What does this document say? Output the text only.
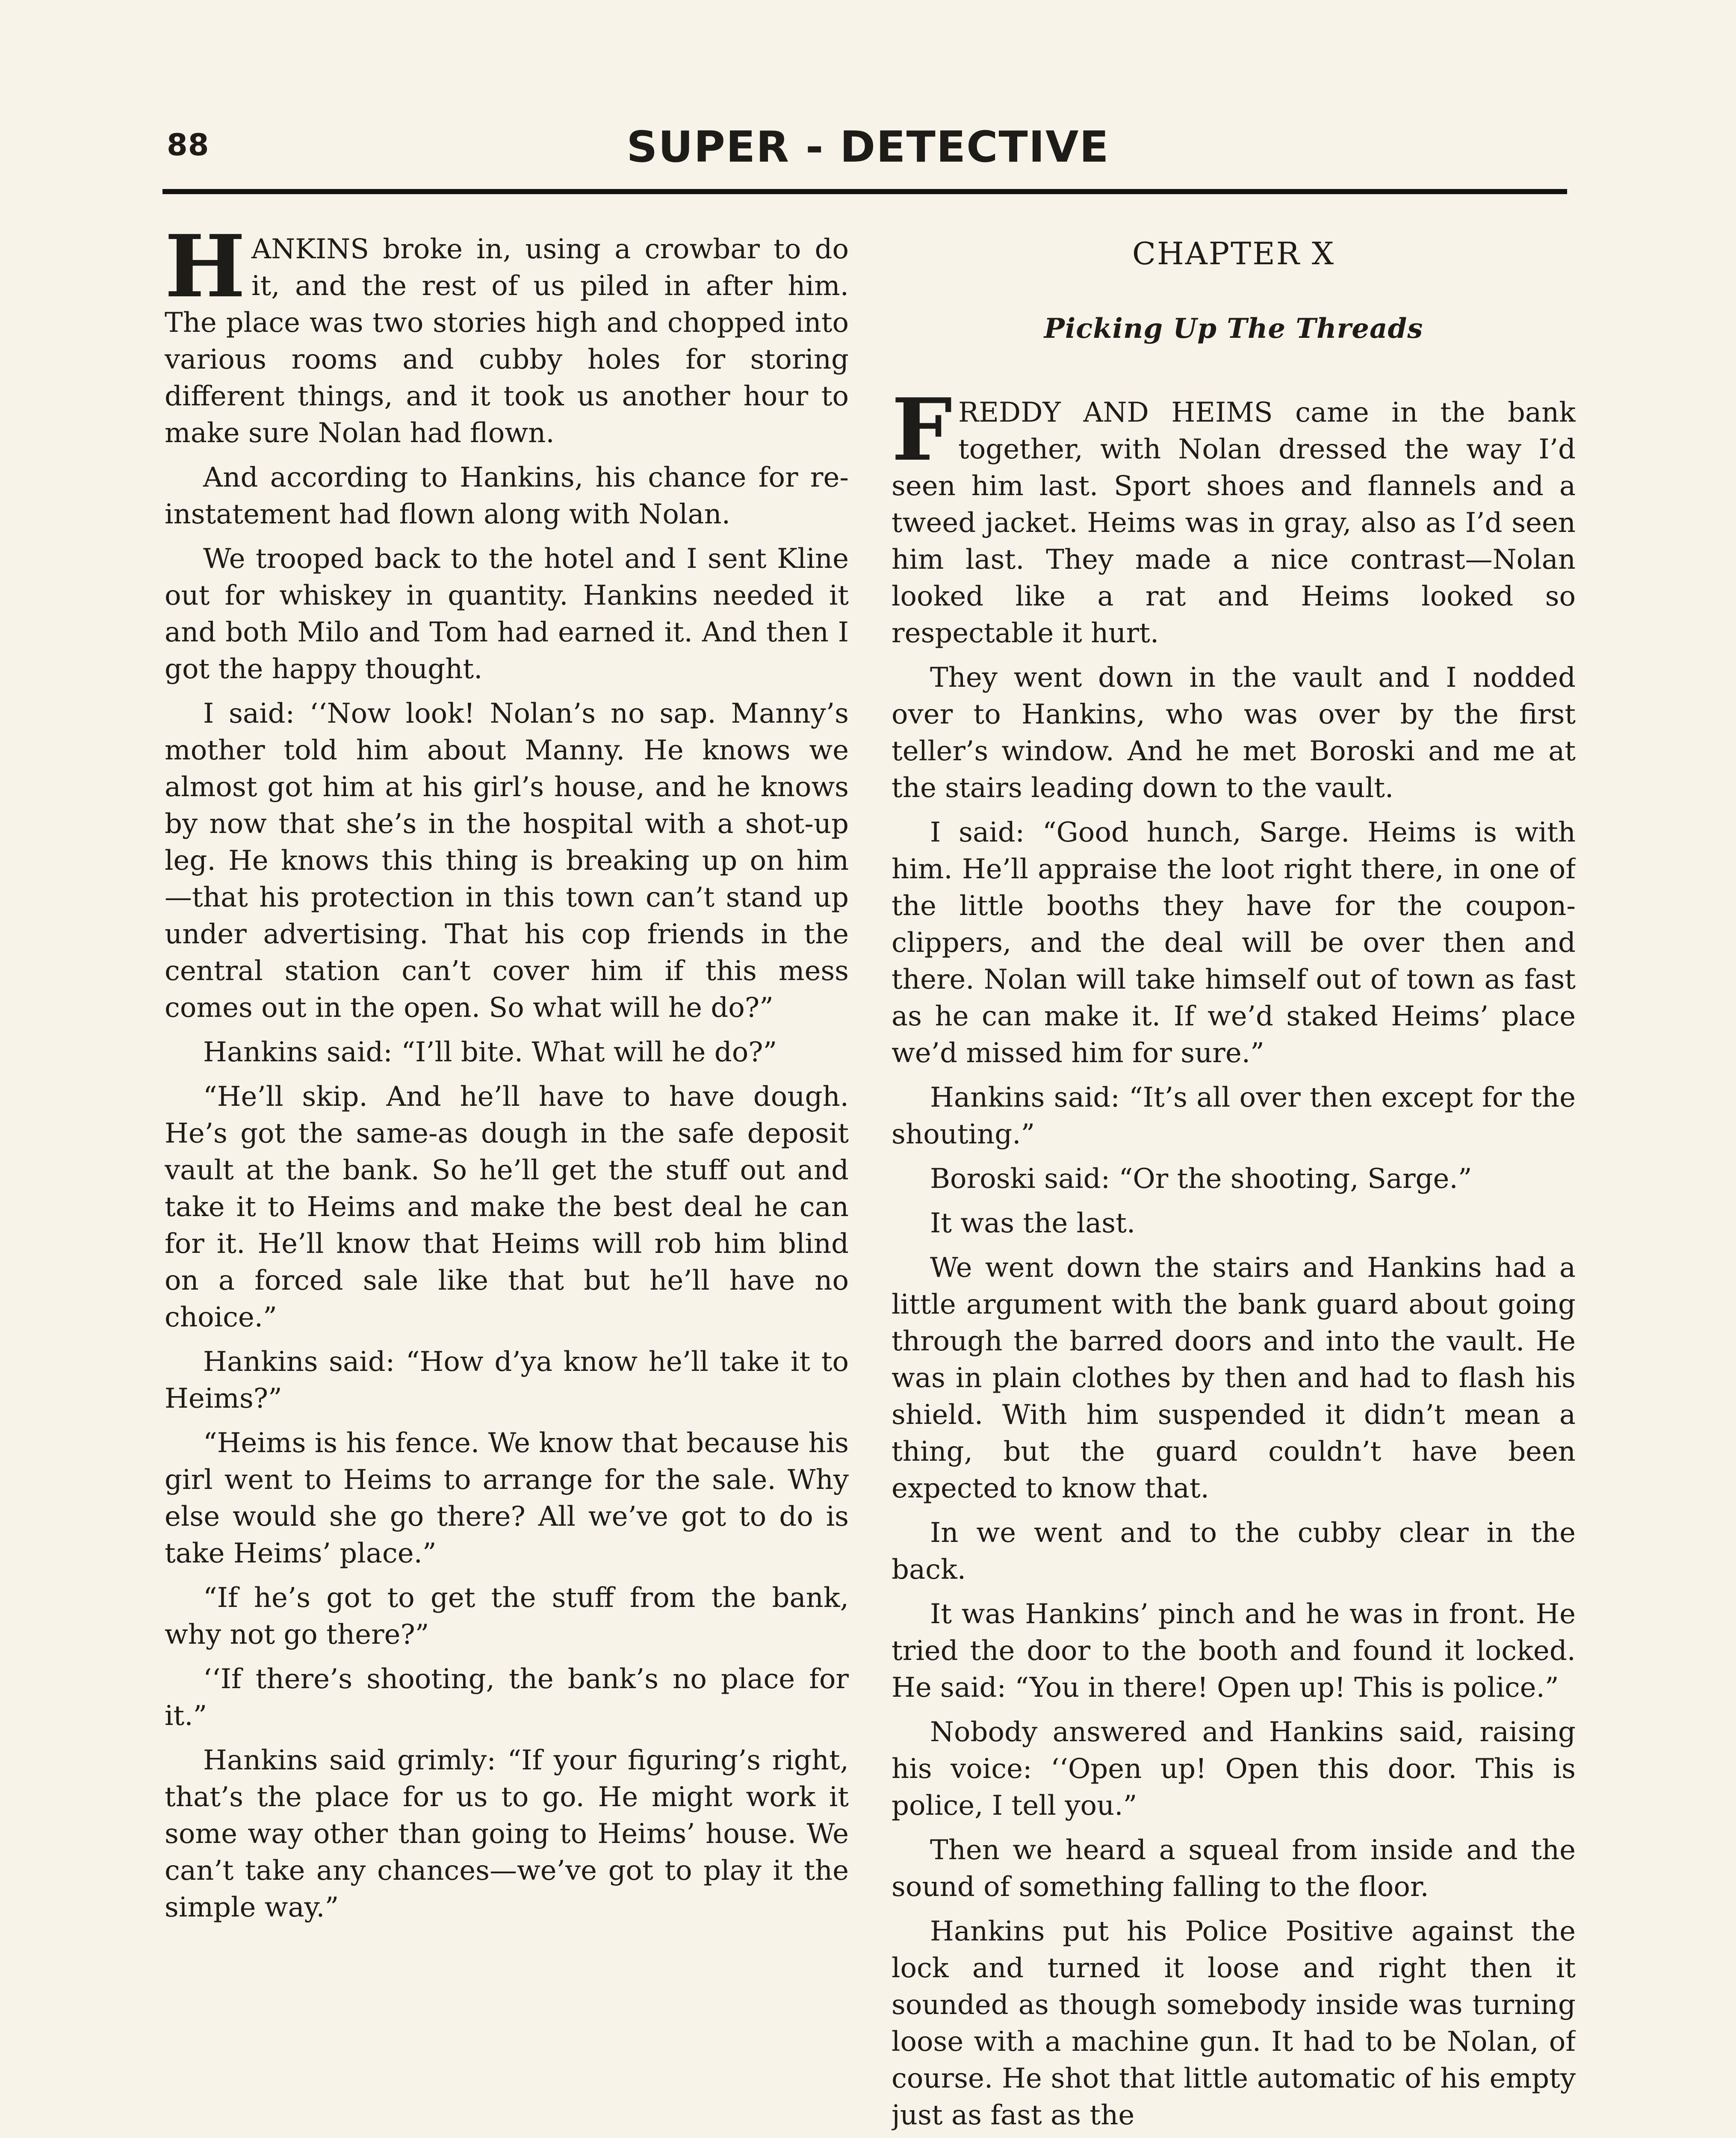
88	SUPER - DETECTIVE

HANKINS broke in, using a crowbar to do it, and the rest of us piled in after him. The place was two stories high and chopped into various rooms and cubby holes for storing different things, and it took us another hour to make sure Nolan had flown.

And according to Hankins, his chance for re-instatement had flown along with Nolan.

We trooped back to the hotel and I sent Kline out for whiskey in quantity. Hankins needed it and both Milo and Tom had earned it. And then I got the happy thought.

I said: ‘‘Now look! Nolan’s no sap. Manny’s mother told him about Manny. He knows we almost got him at his girl’s house, and he knows by now that she’s in the hospital with a shot-up leg. He knows this thing is breaking up on him —that his protection in this town can’t stand up under advertising. That his cop friends in the central station can’t cover him if this mess comes out in the open. So what will he do?”

Hankins said: “I’ll bite. What will he do?”

“He’ll skip. And he’ll have to have dough. He’s got the same-as dough in the safe deposit vault at the bank. So he’ll get the stuff out and take it to Heims and make the best deal he can for it. He’ll know that Heims will rob him blind on a forced sale like that but he’ll have no choice.”

Hankins said: “How d’ya know he’ll take it to Heims?”

“Heims is his fence. We know that because his girl went to Heims to arrange for the sale. Why else would she go there? All we’ve got to do is take Heims’ place.”

“If he’s got to get the stuff from the bank, why not go there?”

‘‘If there’s shooting, the bank’s no place for it.”

Hankins said grimly: “If your figuring’s right, that’s the place for us to go. He might work it some way other than going to Heims’ house. We can’t take any chances—we’ve got to play it the simple way.”

CHAPTER X
Picking Up The Threads

FREDDY AND HEIMS came in the bank together, with Nolan dressed the way I’d seen him last. Sport shoes and flannels and a tweed jacket. Heims was in gray, also as I’d seen him last. They made a nice contrast—Nolan looked like a rat and Heims looked so respectable it hurt.

They went down in the vault and I nodded over to Hankins, who was over by the first teller’s window. And he met Boroski and me at the stairs leading down to the vault.

I said: “Good hunch, Sarge. Heims is with him. He’ll appraise the loot right there, in one of the little booths they have for the coupon-clippers, and the deal will be over then and there. Nolan will take himself out of town as fast as he can make it. If we’d staked Heims’ place we’d missed him for sure.”

Hankins said: “It’s all over then except for the shouting.”

Boroski said: “Or the shooting, Sarge.”

It was the last.

We went down the stairs and Hankins had a little argument with the bank guard about going through the barred doors and into the vault. He was in plain clothes by then and had to flash his shield. With him suspended it didn’t mean a thing, but the guard couldn’t have been expected to know that.

In we went and to the cubby clear in the back.

It was Hankins’ pinch and he was in front. He tried the door to the booth and found it locked. He said: “You in there! Open up! This is police.”

Nobody answered and Hankins said, raising his voice: ‘‘Open up! Open this door. This is police, I tell you.”

Then we heard a squeal from inside and the sound of something falling to the floor.

Hankins put his Police Positive against the lock and turned it loose and right then it sounded as though somebody inside was turning loose with a machine gun. It had to be Nolan, of course. He shot that little automatic of his empty just as fast as the
